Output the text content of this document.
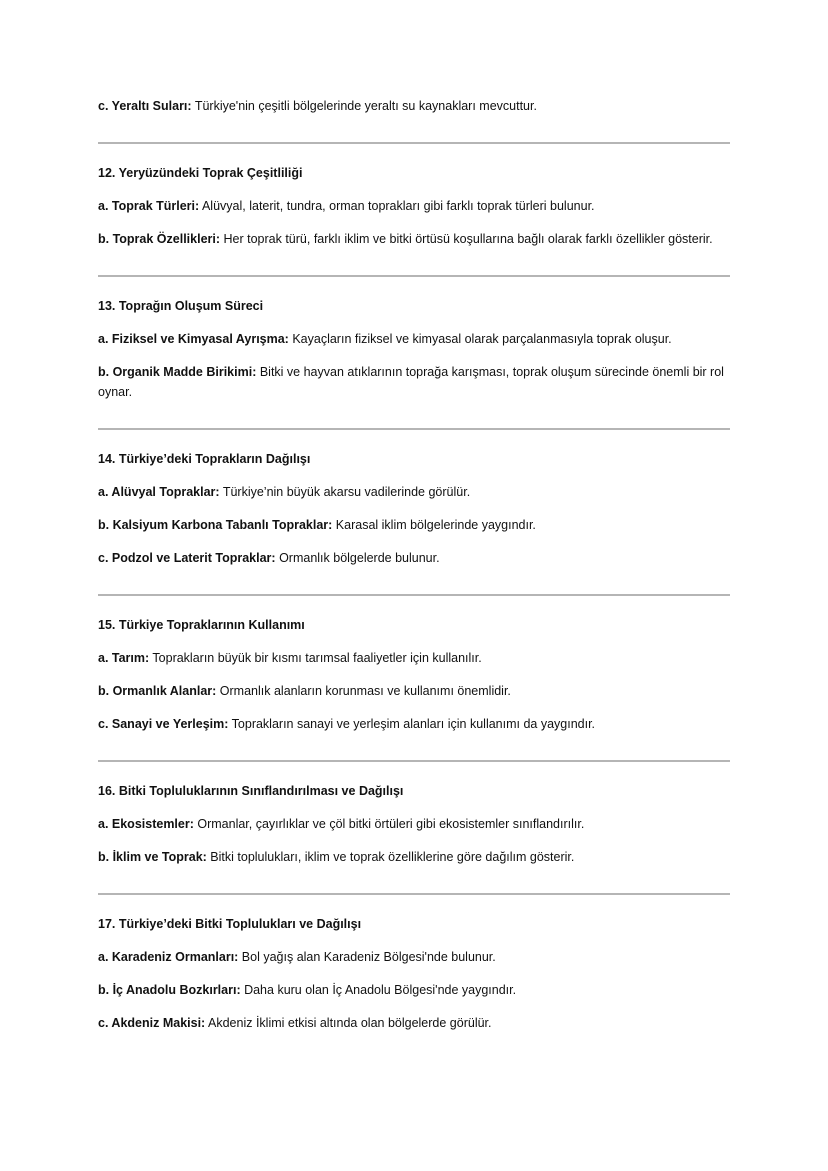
c. Yeraltı Suları: Türkiye'nin çeşitli bölgelerinde yeraltı su kaynakları mevcuttur.

12. Yeryüzündeki Toprak Çeşitliliği

a. Toprak Türleri: Alüvyal, laterit, tundra, orman toprakları gibi farklı toprak türleri bulunur.

b. Toprak Özellikleri: Her toprak türü, farklı iklim ve bitki örtüsü koşullarına bağlı olarak farklı özellikler gösterir.

13. Toprağın Oluşum Süreci

a. Fiziksel ve Kimyasal Ayrışma: Kayaçların fiziksel ve kimyasal olarak parçalanmasıyla toprak oluşur.

b. Organik Madde Birikimi: Bitki ve hayvan atıklarının toprağa karışması, toprak oluşum sürecinde önemli bir rol oynar.

14. Türkiye’deki Toprakların Dağılışı

a. Alüvyal Topraklar: Türkiye’nin büyük akarsu vadilerinde görülür.

b. Kalsiyum Karbona Tabanlı Topraklar: Karasal iklim bölgelerinde yaygındır.

c. Podzol ve Laterit Topraklar: Ormanlık bölgelerde bulunur.

15. Türkiye Topraklarının Kullanımı

a. Tarım: Toprakların büyük bir kısmı tarımsal faaliyetler için kullanılır.

b. Ormanlık Alanlar: Ormanlık alanların korunması ve kullanımı önemlidir.

c. Sanayi ve Yerleşim: Toprakların sanayi ve yerleşim alanları için kullanımı da yaygındır.

16. Bitki Topluluklarının Sınıflandırılması ve Dağılışı

a. Ekosistemler: Ormanlar, çayırlıklar ve çöl bitki örtüleri gibi ekosistemler sınıflandırılır.

b. İklim ve Toprak: Bitki toplulukları, iklim ve toprak özelliklerine göre dağılım gösterir.

17. Türkiye’deki Bitki Toplulukları ve Dağılışı

a. Karadeniz Ormanları: Bol yağış alan Karadeniz Bölgesi'nde bulunur.

b. İç Anadolu Bozkırları: Daha kuru olan İç Anadolu Bölgesi'nde yaygındır.

c. Akdeniz Makisi: Akdeniz İklimi etkisi altında olan bölgelerde görülür.
